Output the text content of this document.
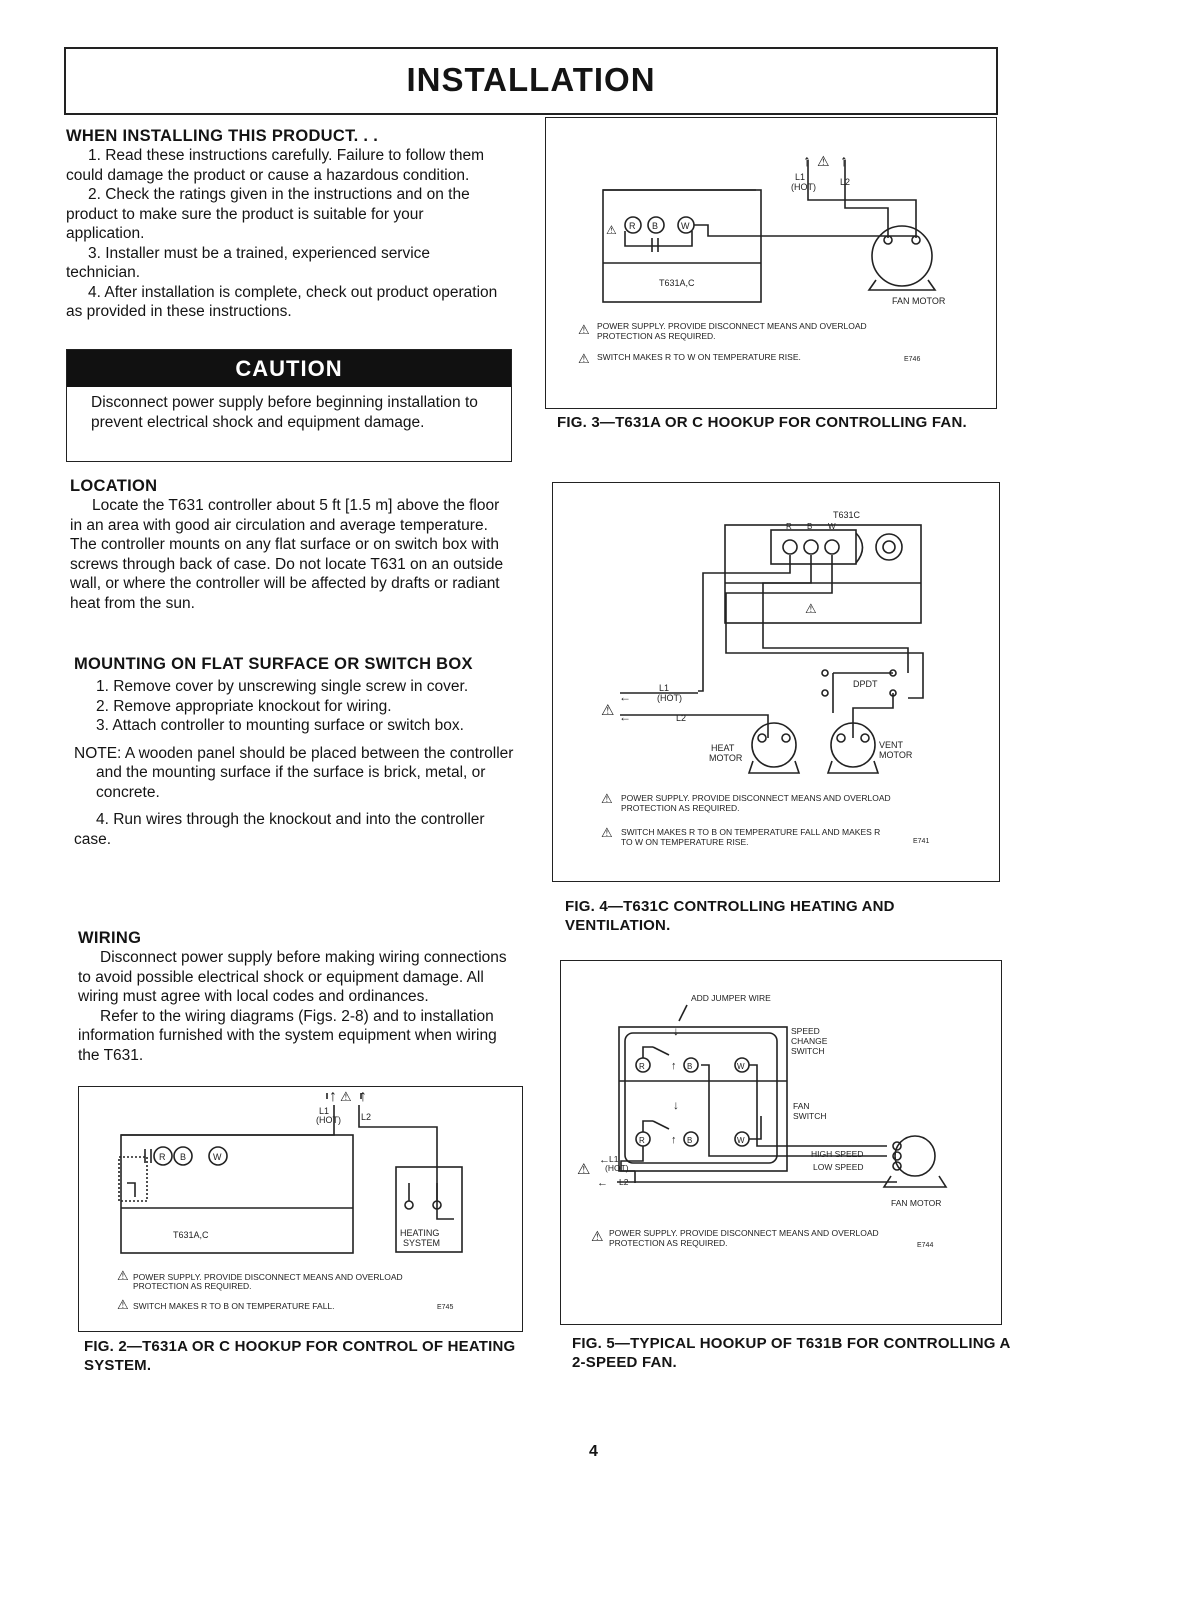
INSTALLATION

WHEN INSTALLING THIS PRODUCT. . .

1. Read these instructions carefully. Failure to follow them could damage the product or cause a hazardous condition.

2. Check the ratings given in the instructions and on the product to make sure the product is suitable for your application.

3. Installer must be a trained, experienced service technician.

4. After installation is complete, check out product operation as provided in these instructions.

CAUTION
Disconnect power supply before beginning installation to prevent electrical shock and equipment damage.

LOCATION

Locate the T631 controller about 5 ft [1.5 m] above the floor in an area with good air circulation and average temperature. The controller mounts on any flat surface or on switch box with screws through back of case. Do not locate T631 on an outside wall, or where the controller will be affected by drafts or radiant heat from the sun.

MOUNTING ON FLAT SURFACE OR SWITCH BOX

1. Remove cover by unscrewing single screw in cover.

2. Remove appropriate knockout for wiring.

3. Attach controller to mounting surface or switch box.

NOTE: A wooden panel should be placed between the controller and the mounting surface if the surface is brick, metal, or concrete.

4. Run wires through the knockout and into the controller case.

WIRING

Disconnect power supply before making wiring connections to avoid possible electrical shock or equipment damage. All wiring must agree with local codes and ordinances.

Refer to the wiring diagrams (Figs. 2-8) and to installation information furnished with the system equipment when wiring the T631.

↑ ↑
⚠
L1
(HOT) L2
R B	W
T631A,C	HEATING
SYSTEM
⚠ POWER SUPPLY. PROVIDE DISCONNECT MEANS AND OVERLOAD
PROTECTION AS REQUIRED.
⚠ SWITCH MAKES R TO B ON TEMPERATURE FALL.	E745

FIG. 2—T631A OR C HOOKUP FOR CONTROL OF HEATING SYSTEM.

↑ ↑
⚠
L1
(HOT)	L2
R B	W
⚠
T631A,C
FAN MOTOR
⚠ POWER SUPPLY. PROVIDE DISCONNECT MEANS AND OVERLOAD
PROTECTION AS REQUIRED.
⚠ SWITCH MAKES R TO W ON TEMPERATURE RISE.	E746

FIG. 3—T631A OR C HOOKUP FOR CONTROLLING FAN.

T631C
R B W
⚠
DPDT
L1
(HOT)
L2
⚠
←
←
HEAT
MOTOR
VENT
MOTOR
⚠ POWER SUPPLY. PROVIDE DISCONNECT MEANS AND OVERLOAD
PROTECTION AS REQUIRED.
⚠ SWITCH MAKES R TO B ON TEMPERATURE FALL AND MAKES R
TO W ON TEMPERATURE RISE.	E741

FIG. 4—T631C CONTROLLING HEATING AND VENTILATION.

ADD JUMPER WIRE
↓
↓
↑
↑
R	B	W
R	B	W
SPEED
CHANGE
SWITCH
FAN
SWITCH
HIGH SPEED
LOW SPEED
FAN MOTOR
⚠
← L1
(HOT)
← L2
⚠ POWER SUPPLY. PROVIDE DISCONNECT MEANS AND OVERLOAD
PROTECTION AS REQUIRED.	E744

FIG. 5—TYPICAL HOOKUP OF T631B FOR CONTROLLING A 2-SPEED FAN.

4
